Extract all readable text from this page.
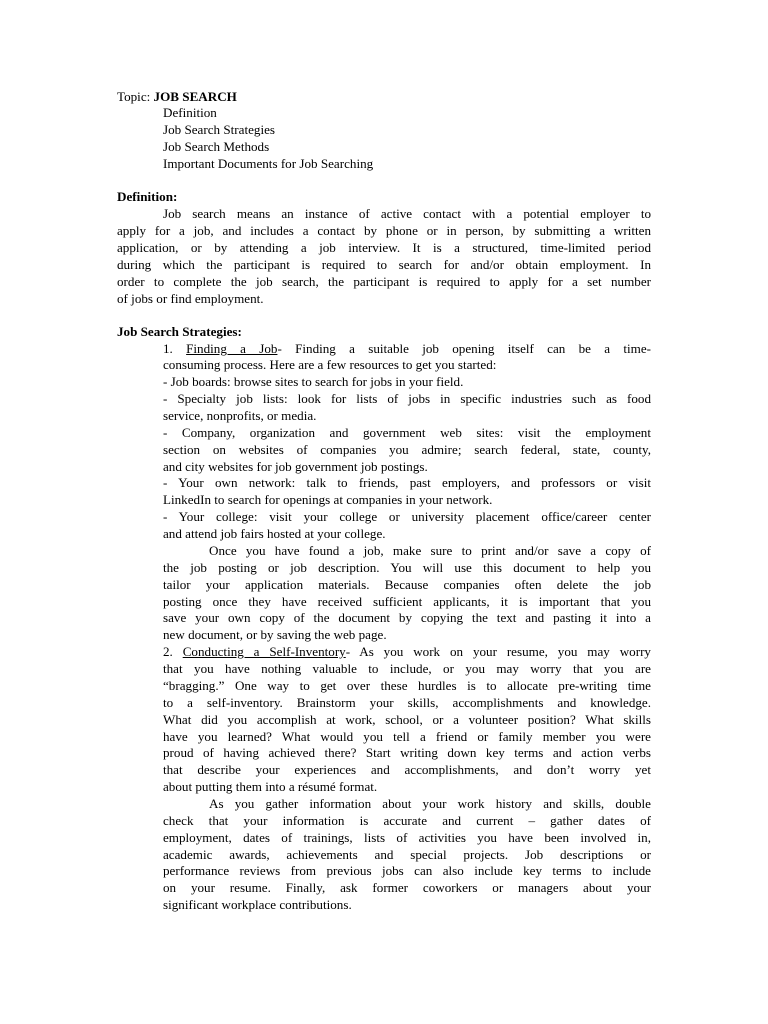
Topic: JOB SEARCH

Definition

Job Search Strategies

Job Search Methods

Important Documents for Job Searching

Definition:

Job search means an instance of active contact with a potential employer to

apply for a job, and includes a contact by phone or in person, by submitting a written

application, or by attending a job interview. It is a structured, time-limited period

during which the participant is required to search for and/or obtain employment. In

order to complete the job search, the participant is required to apply for a set number

of jobs or find employment.

Job Search Strategies:

1. Finding a Job- Finding a suitable job opening itself can be a time-

consuming process. Here are a few resources to get you started:

- Job boards: browse sites to search for jobs in your field.

- Specialty job lists: look for lists of jobs in specific industries such as food

service, nonprofits, or media.

- Company, organization and government web sites: visit the employment

section on websites of companies you admire; search federal, state, county,

and city websites for job government job postings.

- Your own network: talk to friends, past employers, and professors or visit

LinkedIn to search for openings at companies in your network.

- Your college: visit your college or university placement office/career center

and attend job fairs hosted at your college.

Once you have found a job, make sure to print and/or save a copy of

the job posting or job description. You will use this document to help you

tailor your application materials. Because companies often delete the job

posting once they have received sufficient applicants, it is important that you

save your own copy of the document by copying the text and pasting it into a

new document, or by saving the web page.

2. Conducting a Self-Inventory- As you work on your resume, you may worry

that you have nothing valuable to include, or you may worry that you are

“bragging.” One way to get over these hurdles is to allocate pre-writing time

to a self-inventory. Brainstorm your skills, accomplishments and knowledge.

What did you accomplish at work, school, or a volunteer position? What skills

have you learned? What would you tell a friend or family member you were

proud of having achieved there? Start writing down key terms and action verbs

that describe your experiences and accomplishments, and don’t worry yet

about putting them into a résumé format.

As you gather information about your work history and skills, double

check that your information is accurate and current – gather dates of

employment, dates of trainings, lists of activities you have been involved in,

academic awards, achievements and special projects. Job descriptions or

performance reviews from previous jobs can also include key terms to include

on your resume. Finally, ask former coworkers or managers about your

significant workplace contributions.
